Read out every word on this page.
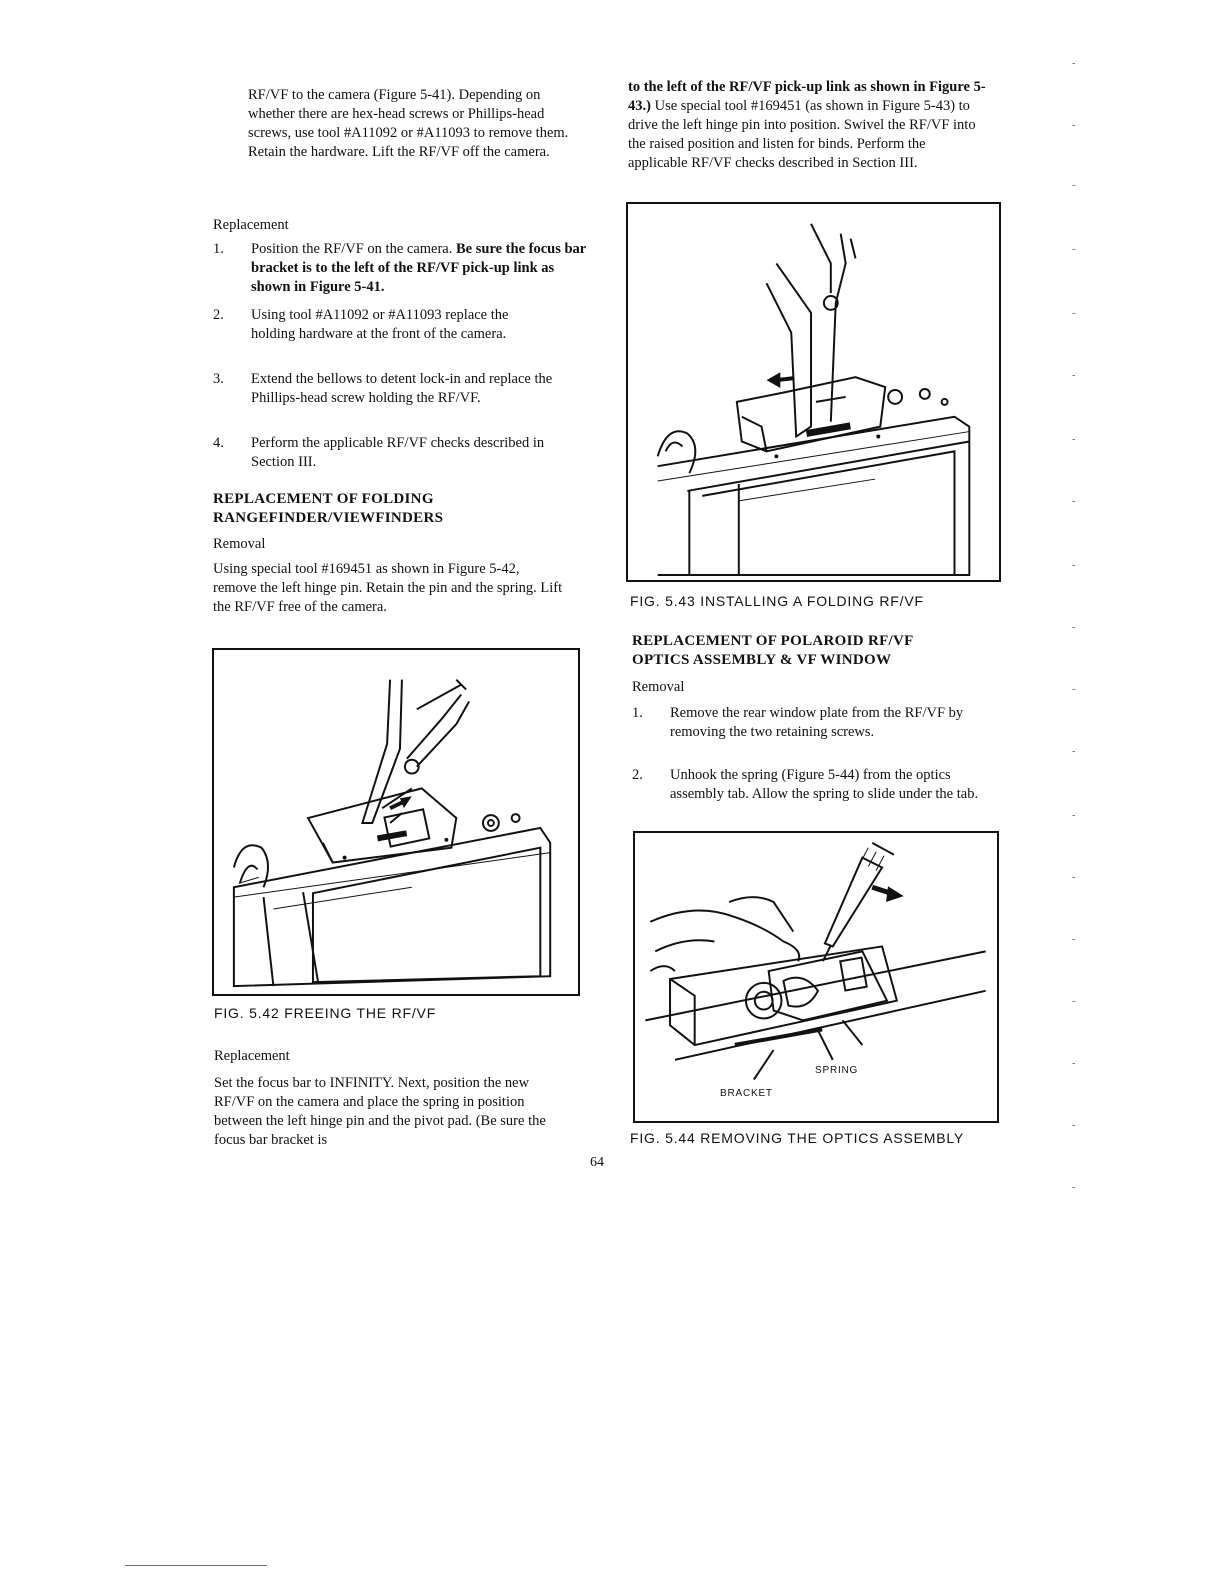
RF/VF to the camera (Figure 5-41). Depending on whether there are hex-head screws or Phillips-head screws, use tool #A11092 or #A11093 to remove them. Retain the hardware. Lift the RF/VF off the camera.

Replacement

1. Position the RF/VF on the camera. Be sure the focus bar bracket is to the left of the RF/VF pick-up link as shown in Figure 5-41.
2. Using tool #A11092 or #A11093 replace the holding hardware at the front of the camera.
3. Extend the bellows to detent lock-in and replace the Phillips-head screw holding the RF/VF.
4. Perform the applicable RF/VF checks described in Section III.

REPLACEMENT OF FOLDING

RANGEFINDER/VIEWFINDERS

Removal

Using special tool #169451 as shown in Figure 5-42, remove the left hinge pin. Retain the pin and the spring. Lift the RF/VF free of the camera.

FIG. 5.42 FREEING THE RF/VF

Replacement

Set the focus bar to INFINITY. Next, position the new RF/VF on the camera and place the spring in position between the left hinge pin and the pivot pad. (Be sure the focus bar bracket is

to the left of the RF/VF pick-up link as shown in Figure 5-43.) Use special tool #169451 (as shown in Figure 5-43) to drive the left hinge pin into position. Swivel the RF/VF into the raised position and listen for binds. Perform the applicable RF/VF checks described in Section III.

FIG. 5.43 INSTALLING A FOLDING RF/VF

REPLACEMENT OF POLAROID RF/VF

OPTICS ASSEMBLY & VF WINDOW

Removal

1. Remove the rear window plate from the RF/VF by removing the two retaining screws.
2. Unhook the spring (Figure 5-44) from the optics assembly tab. Allow the spring to slide under the tab.
SPRING
BRACKET

FIG. 5.44 REMOVING THE OPTICS ASSEMBLY

64

-
-
-
-
-
-
-
-
-
-
-
-
-
-
-
-
-
-
-
